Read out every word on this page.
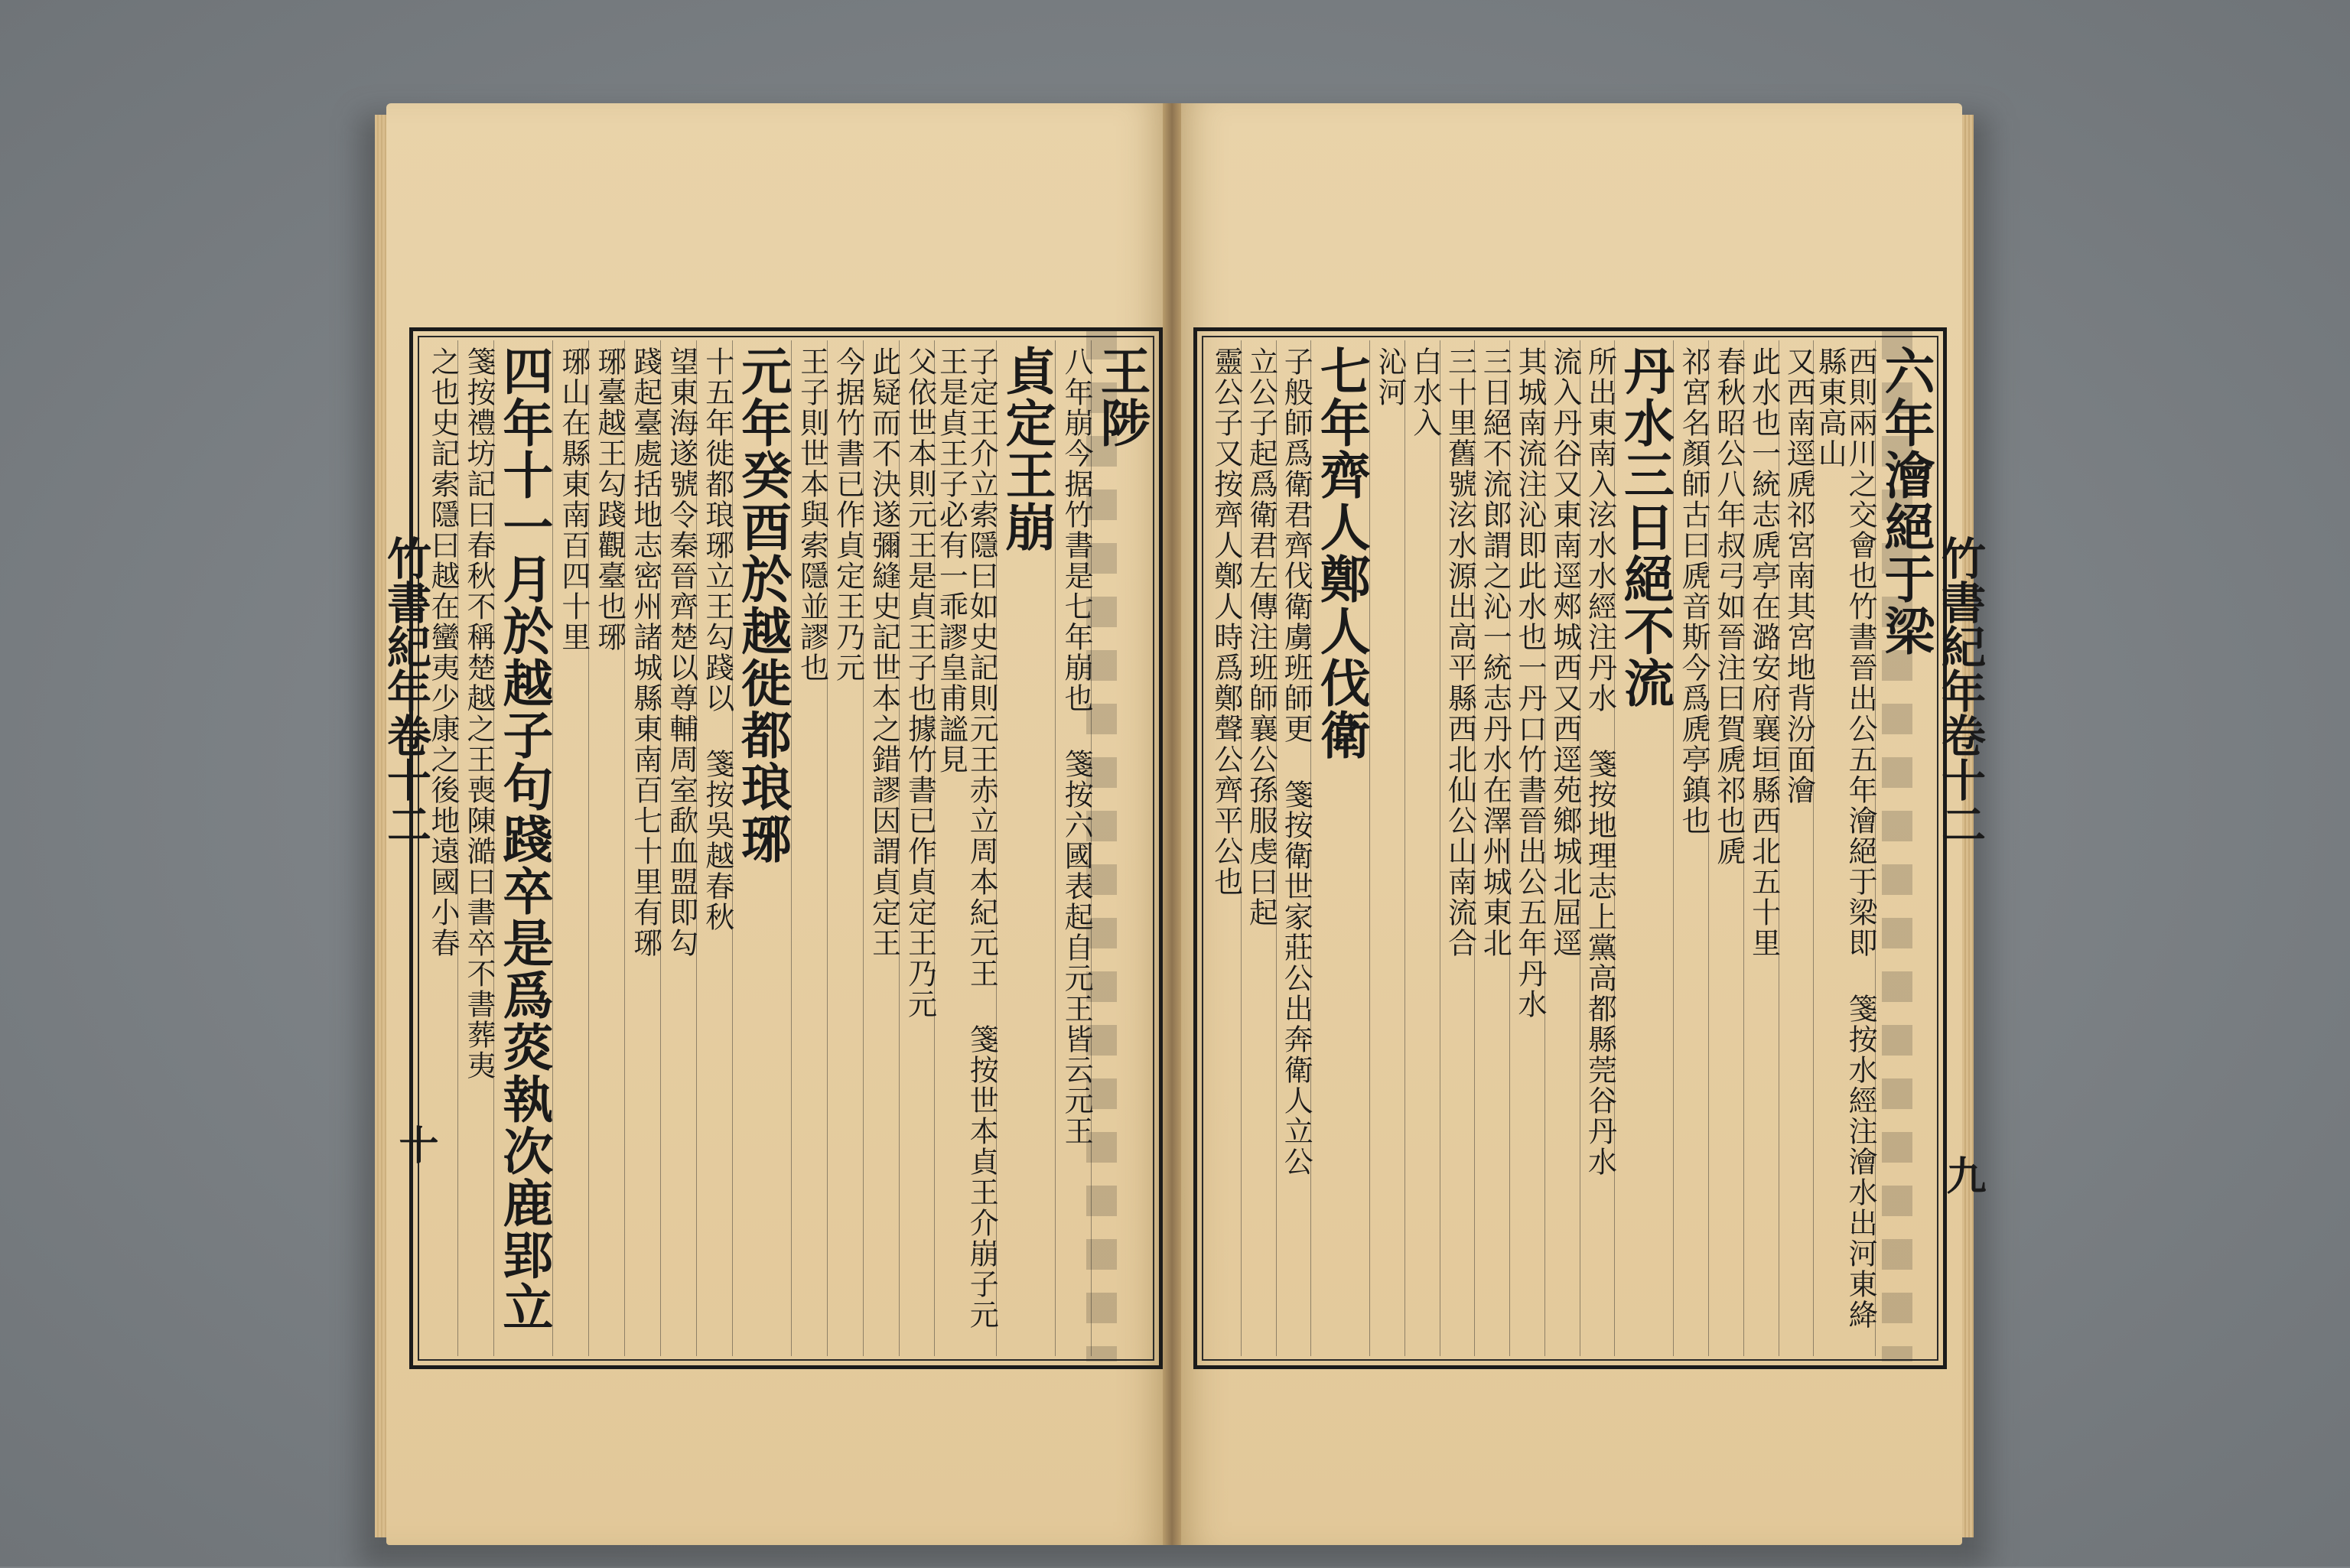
王陟
八年崩今据竹書是七年崩也 箋按六國表起自元王皆云元王
貞定王崩
子定王介立索隱曰如史記則元王赤立周本紀元王 箋按世本貞王介崩子元王是貞王子必有一乖謬皇甫謐見
父依世本則元王是貞王子也據竹書已作貞定王乃元
此疑而不決遂彌縫史記世本之錯謬因謂貞定王
今据竹書已作貞定王乃元
王子則世本與索隱並謬也
元年癸酉於越徙都琅琊
十五年徙都琅琊立王勾踐以 箋按吳越春秋
望東海遂號令秦晉齊楚以尊輔周室歃血盟即勾
踐起臺處括地志密州諸城縣東南百七十里有琊
琊臺越王勾踐觀臺也琊
琊山在縣東南百四十里
四年十一月於越子句踐卒是爲菼執次鹿郢立
箋按禮坊記曰春秋不稱楚越之王喪陳澔曰書卒不書葬夷
之也史記索隱曰越在蠻夷少康之後地遠國小春	六年澮絕于梁
西則兩川之交會也竹書晉出公五年澮絕于梁即 箋按水經注澮水出河東絳縣東高山
又西南逕虒祁宮南其宮地背汾面澮
此水也一統志虒亭在潞安府襄垣縣西北五十里
春秋昭公八年叔弓如晉注曰賀虒祁也虒
祁宮名顏師古曰虒音斯今爲虒亭鎮也
丹水三日絕不流
所出東南入泫水水經注丹水 箋按地理志上黨高都縣莞谷丹水
流入丹谷又東南逕郟城西又西逕苑鄉城北屈逕
其城南流注沁即此水也一丹口竹書晉出公五年丹水
三日絕不流郎謂之沁一統志丹水在澤州城東北
三十里舊號泫水源出高平縣西北仙公山南流合
白水入
沁河
七年齊人鄭人伐衛
子般師爲衛君齊伐衛虜班師更 箋按衛世家莊公出奔衛人立公
立公子起爲衛君左傳注班師襄公孫服虔曰起
靈公子又按齊人鄭人時爲鄭聲公齊平公也
竹書紀年卷十二	竹書紀年卷十二
十
九
